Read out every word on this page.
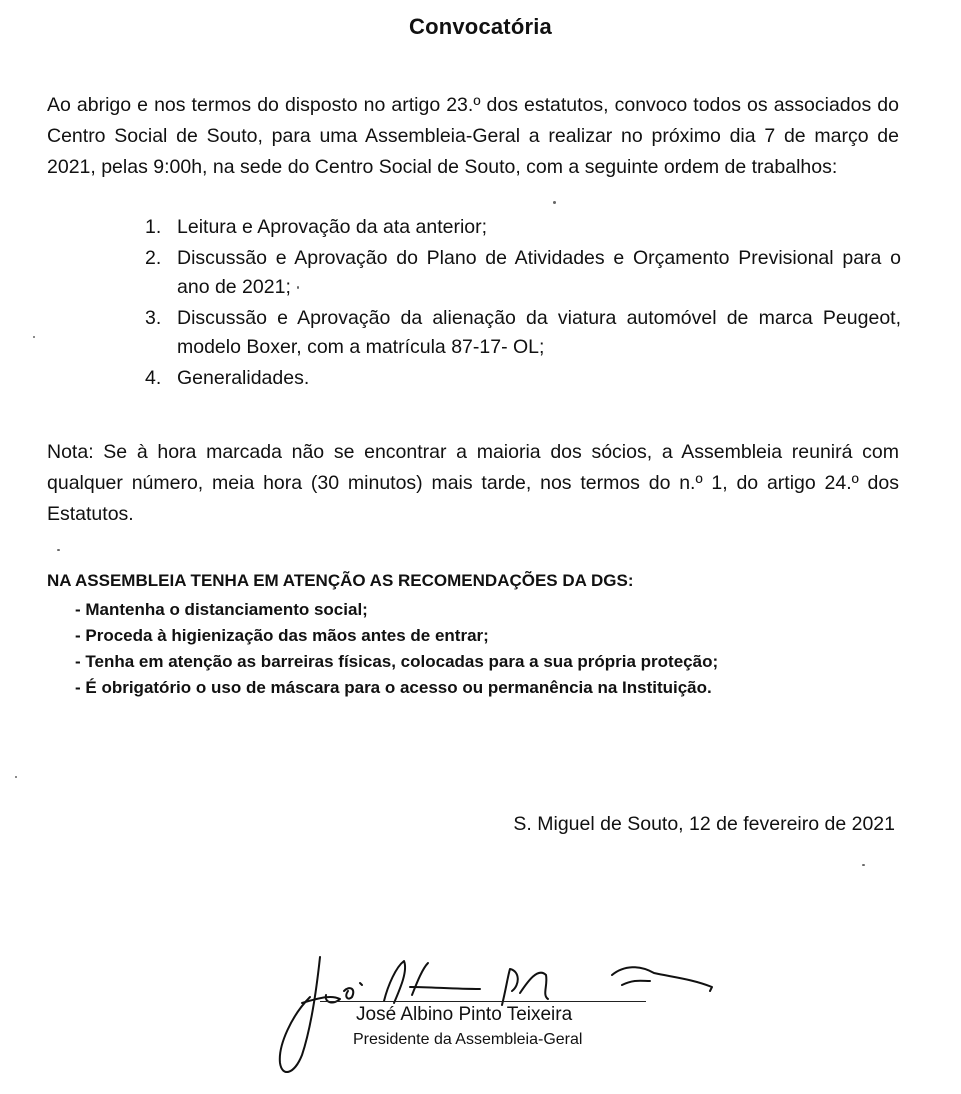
Convocatória

Ao abrigo e nos termos do disposto no artigo 23.º dos estatutos, convoco todos os associados do Centro Social de Souto, para uma Assembleia-Geral a realizar no próximo dia 7 de março de 2021, pelas 9:00h, na sede do Centro Social de Souto, com a seguinte ordem de trabalhos:

1. Leitura e Aprovação da ata anterior;
2. Discussão e Aprovação do Plano de Atividades e Orçamento Previsional para o ano de 2021;
3. Discussão e Aprovação da alienação da viatura automóvel de marca Peugeot, modelo Boxer, com a matrícula 87-17- OL;
4. Generalidades.

Nota: Se à hora marcada não se encontrar a maioria dos sócios, a Assembleia reunirá com qualquer número, meia hora (30 minutos) mais tarde, nos termos do n.º 1, do artigo 24.º dos Estatutos.

NA ASSEMBLEIA TENHA EM ATENÇÃO AS RECOMENDAÇÕES DA DGS:
- Mantenha o distanciamento social;
- Proceda à higienização das mãos antes de entrar;
- Tenha em atenção as barreiras físicas, colocadas para a sua própria proteção;
- É obrigatório o uso de máscara para o acesso ou permanência na Instituição.
S. Miguel de Souto, 12 de fevereiro de 2021
José Albino Pinto Teixeira
Presidente da Assembleia-Geral
